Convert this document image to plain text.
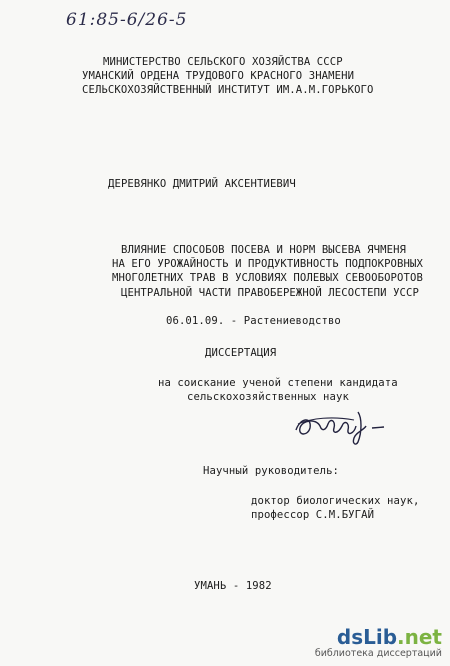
61:85-6/26-5
МИНИСТЕРСТВО СЕЛЬСКОГО ХОЗЯЙСТВА СССР
УМАНСКИЙ ОРДЕНА ТРУДОВОГО КРАСНОГО ЗНАМЕНИ
СЕЛЬСКОХОЗЯЙСТВЕННЫЙ ИНСТИТУТ ИМ.А.М.ГОРЬКОГО
ДЕРЕВЯНКО ДМИТРИЙ АКСЕНТИЕВИЧ
ВЛИЯНИЕ СПОСОБОВ ПОСЕВА И НОРМ ВЫСЕВА ЯЧМЕНЯ
НА ЕГО УРОЖАЙНОСТЬ И ПРОДУКТИВНОСТЬ ПОДПОКРОВНЫХ
МНОГОЛЕТНИХ ТРАВ В УСЛОВИЯХ ПОЛЕВЫХ СЕВООБОРОТОВ
ЦЕНТРАЛЬНОЙ ЧАСТИ ПРАВОБЕРЕЖНОЙ ЛЕСОСТЕПИ УССР
06.01.09. - Растениеводство
ДИССЕРТАЦИЯ
на соискание ученой степени кандидата
сельскохозяйственных наук
Научный руководитель:
доктор биологических наук,
профессор С.М.БУГАЙ
УМАНЬ - 1982
dsLib.net
библиотека диссертаций
